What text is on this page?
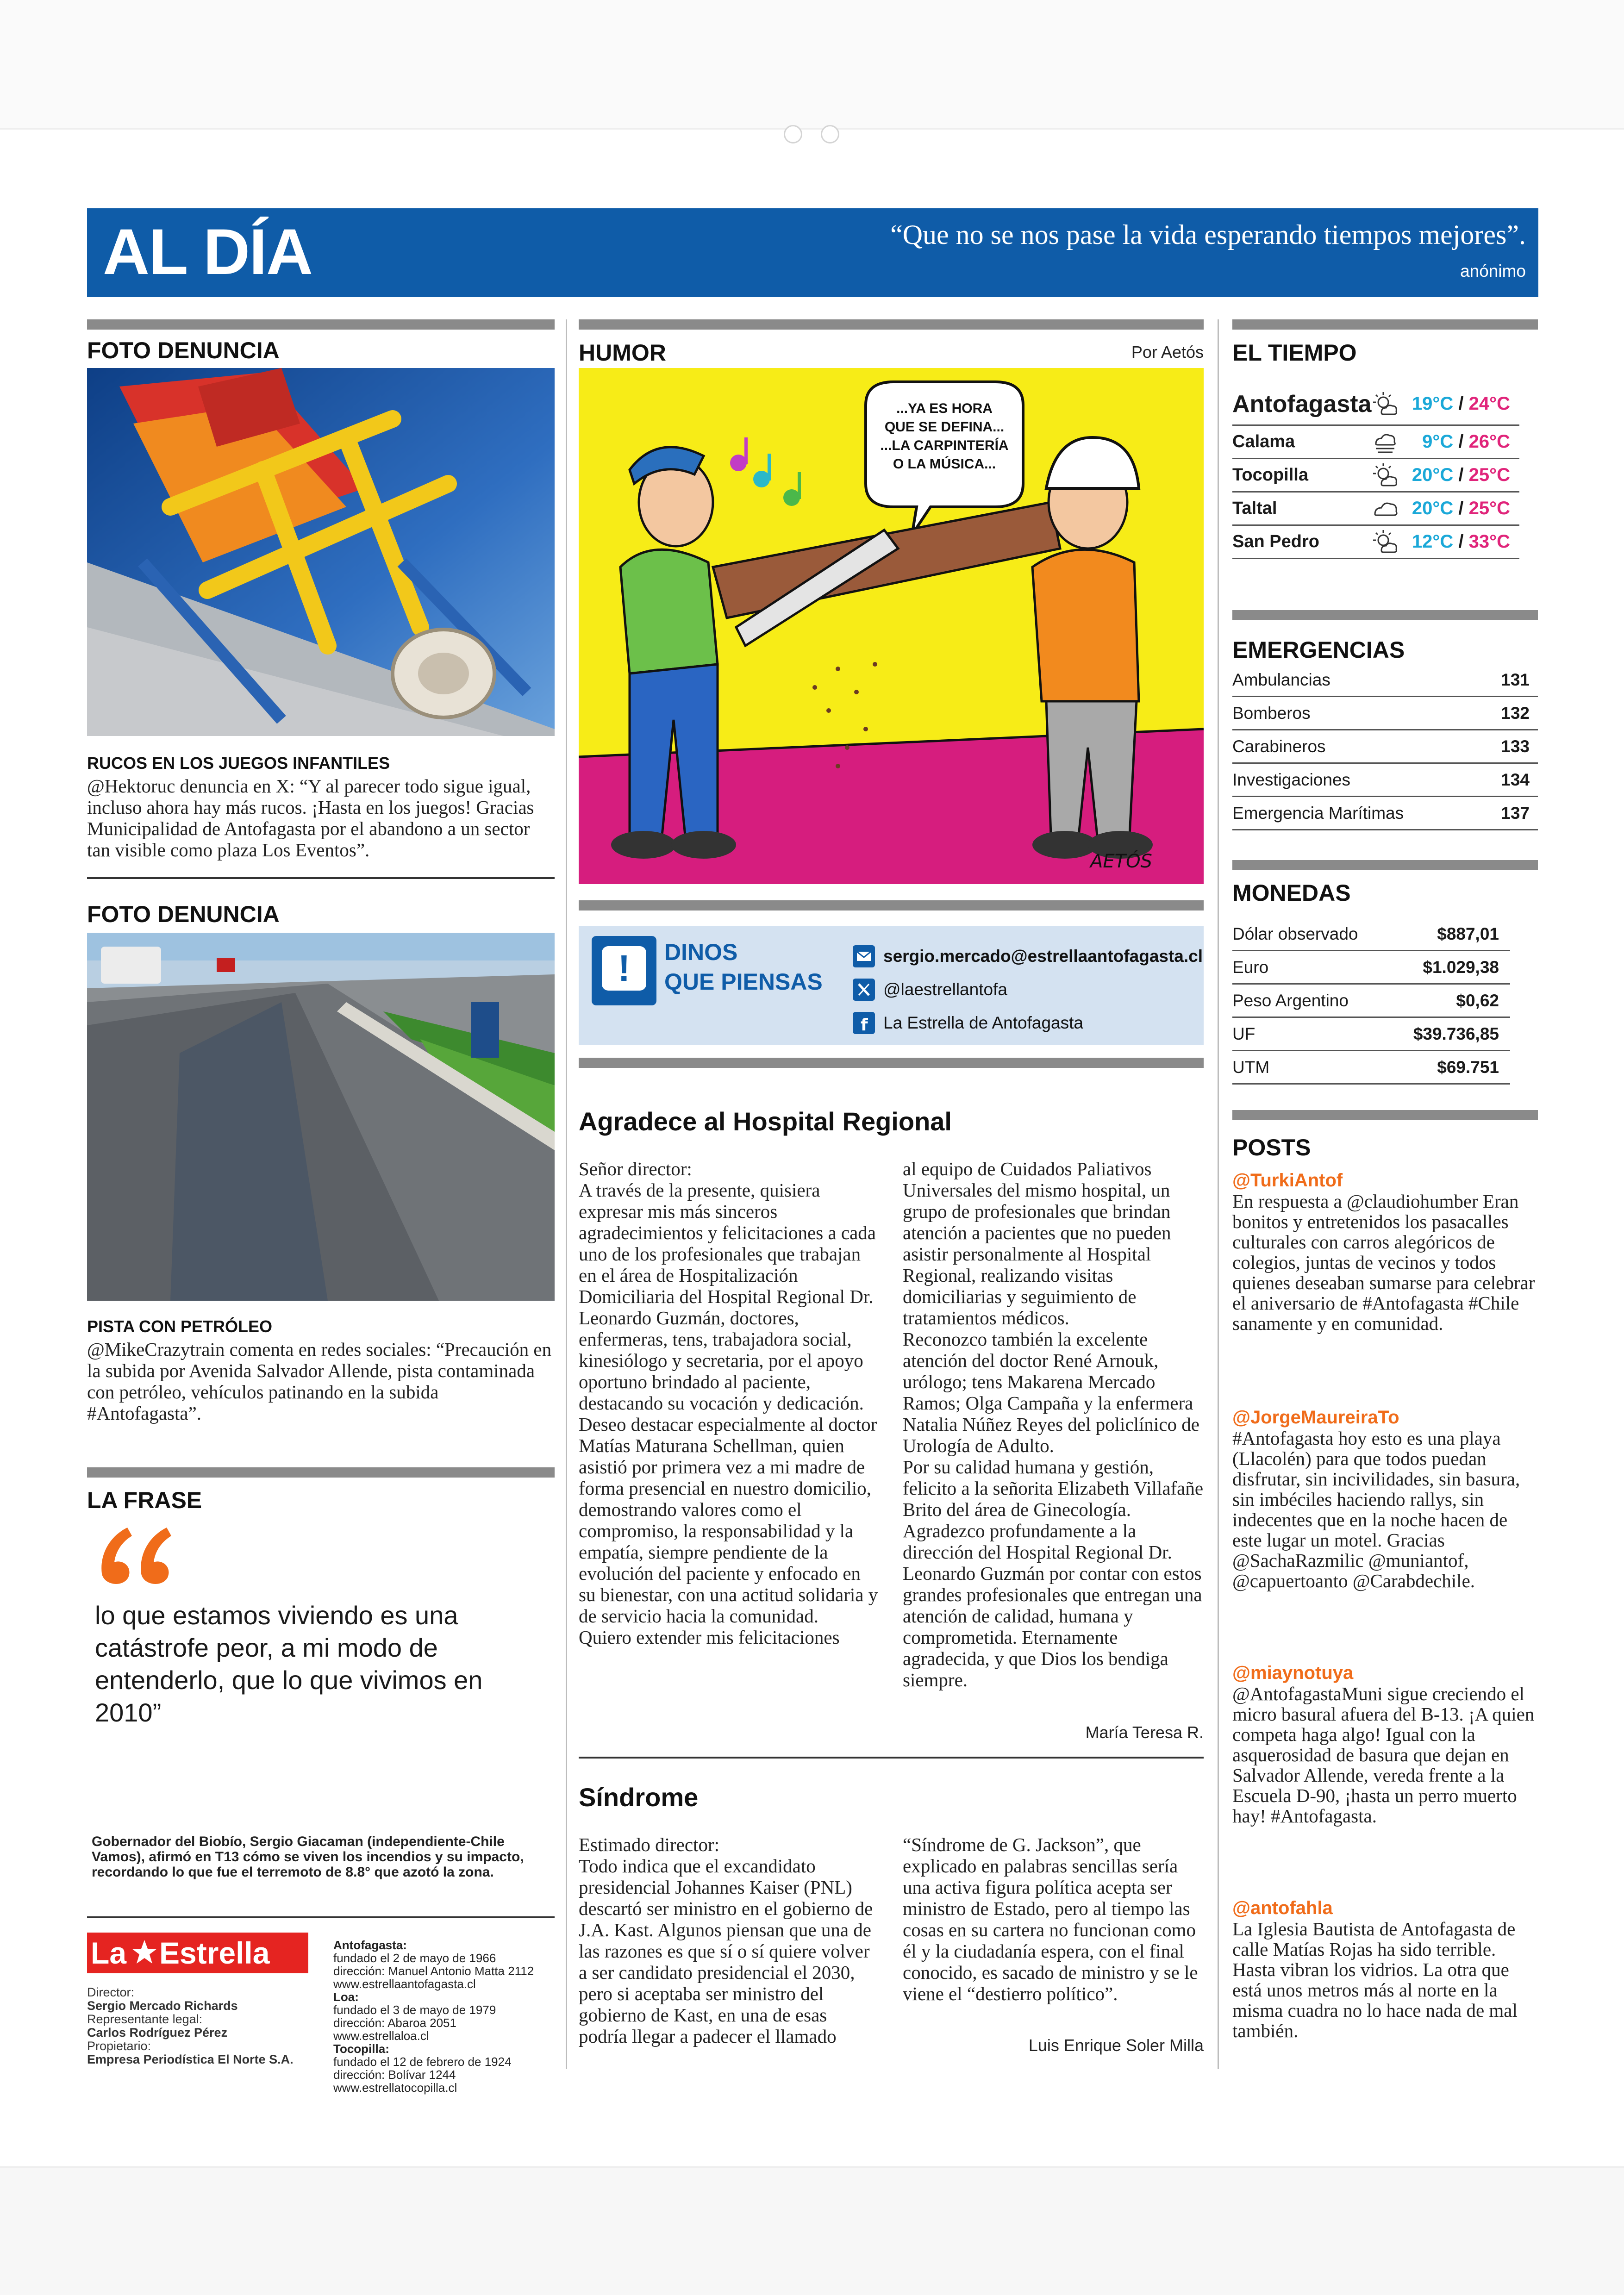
AL DÍA	“Que no se nos pase la vida esperando tiempos mejores”.
anónimo
FOTO DENUNCIA
RUCOS EN LOS JUEGOS INFANTILES
@Hektoruc denuncia en X: “Y al parecer todo sigue igual, incluso ahora hay más rucos. ¡Hasta en los juegos! Gracias Municipalidad de Antofagasta por el abandono a un sector tan visible como plaza Los Eventos”.
FOTO DENUNCIA
PISTA CON PETRÓLEO
@MikeCrazytrain comenta en redes sociales: “Precaución en la subida por Avenida Salvador Allende, pista contaminada con petróleo, vehículos patinando en la subida #Antofagasta”.
LA FRASE
lo que estamos viviendo es una catástrofe peor, a mi modo de entenderlo, que lo que vivimos en 2010”
Gobernador del Biobío, Sergio Giacaman (independiente-Chile Vamos), afirmó en T13 cómo se viven los incendios y su impacto, recordando lo que fue el terremoto de 8.8° que azotó la zona.
La Estrella
Director:
Sergio Mercado Richards
Representante legal:
Carlos Rodríguez Pérez
Propietario:
Empresa Periodística El Norte S.A.
Antofagasta:
fundado el 2 de mayo de 1966
dirección: Manuel Antonio Matta 2112
www.estrellaantofagasta.cl
Loa:
fundado el 3 de mayo de 1979
dirección: Abaroa 2051
www.estrellaloa.cl
Tocopilla:
fundado el 12 de febrero de 1924
dirección: Bolívar 1244
www.estrellatocopilla.cl
HUMOR	Por Aetós
...YA ES HORA
QUE SE DEFINA...
...LA CARPINTERÍA
O LA MÚSICA...
AETÓS
!	DINOS
QUE PIENSAS
sergio.mercado@estrellaantofagasta.cl
@laestrellantofa
f La Estrella de Antofagasta
Agradece al Hospital Regional
Señor director:
A través de la presente, quisiera expresar mis más sinceros agradecimientos y felicitaciones a cada uno de los profesionales que trabajan en el área de Hospitalización Domiciliaria del Hospital Regional Dr. Leonardo Guzmán, doctores, enfermeras, tens, trabajadora social, kinesiólogo y secretaria, por el apoyo oportuno brindado al paciente, destacando su vocación y dedicación.
Deseo destacar especialmente al doctor Matías Maturana Schellman, quien asistió por primera vez a mi madre de forma presencial en nuestro domicilio, demostrando valores como el compromiso, la responsabilidad y la empatía, siempre pendiente de la evolución del paciente y enfocado en su bienestar, con una actitud solidaria y de servicio hacia la comunidad.
Quiero extender mis felicitaciones
al equipo de Cuidados Paliativos Universales del mismo hospital, un grupo de profesionales que brindan atención a pacientes que no pueden asistir personalmente al Hospital Regional, realizando visitas domiciliarias y seguimiento de tratamientos médicos.
Reconozco también la excelente atención del doctor René Arnouk, urólogo; tens Makarena Mercado Ramos; Olga Campaña y la enfermera Natalia Núñez Reyes del policlínico de Urología de Adulto.
Por su calidad humana y gestión, felicito a la señorita Elizabeth Villafañe Brito del área de Ginecología.
Agradezco profundamente a la dirección del Hospital Regional Dr. Leonardo Guzmán por contar con estos grandes profesionales que entregan una atención de calidad, humana y comprometida. Eternamente agradecida, y que Dios los bendiga siempre.
María Teresa R.
Síndrome
Estimado director:
Todo indica que el excandidato presidencial Johannes Kaiser (PNL) descartó ser ministro en el gobierno de J.A. Kast. Algunos piensan que una de las razones es que sí o sí quiere volver a ser candidato presidencial el 2030, pero si aceptaba ser ministro del gobierno de Kast, en una de esas podría llegar a padecer el llamado
“Síndrome de G. Jackson”, que explicado en palabras sencillas sería una activa figura política acepta ser ministro de Estado, pero al tiempo las cosas en su cartera no funcionan como él y la ciudadanía espera, con el final conocido, es sacado de ministro y se le viene el “destierro político”.
Luis Enrique Soler Milla
EL TIEMPO
Antofagasta	19°C / 24°C
Calama	9°C / 26°C
Tocopilla	20°C / 25°C
Taltal	20°C / 25°C
San Pedro	12°C / 33°C
EMERGENCIAS
Ambulancias	131
Bomberos	132
Carabineros	133
Investigaciones	134
Emergencia Marítimas	137
MONEDAS
Dólar observado	$887,01
Euro	$1.029,38
Peso Argentino	$0,62
UF	$39.736,85
UTM	$69.751
POSTS
@TurkiAntof
En respuesta a @claudiohumber Eran bonitos y entretenidos los pasacalles culturales con carros alegóricos de colegios, juntas de vecinos y todos quienes deseaban sumarse para celebrar el aniversario de #Antofagasta #Chile sanamente y en comunidad.
@JorgeMaureiraTo
#Antofagasta hoy esto es una playa (Llacolén) para que todos puedan disfrutar, sin incivilidades, sin basura, sin imbéciles haciendo rallys, sin indecentes que en la noche hacen de este lugar un motel. Gracias @SachaRazmilic @muniantof, @capuertoanto @Carabdechile.
@miaynotuya
@AntofagastaMuni sigue creciendo el micro basural afuera del B-13. ¡A quien competa haga algo! Igual con la asquerosidad de basura que dejan en Salvador Allende, vereda frente a la Escuela D-90, ¡hasta un perro muerto hay! #Antofagasta.
@antofahla
La Iglesia Bautista de Antofagasta de calle Matías Rojas ha sido terrible. Hasta vibran los vidrios. La otra que está unos metros más al norte en la misma cuadra no lo hace nada de mal también.
